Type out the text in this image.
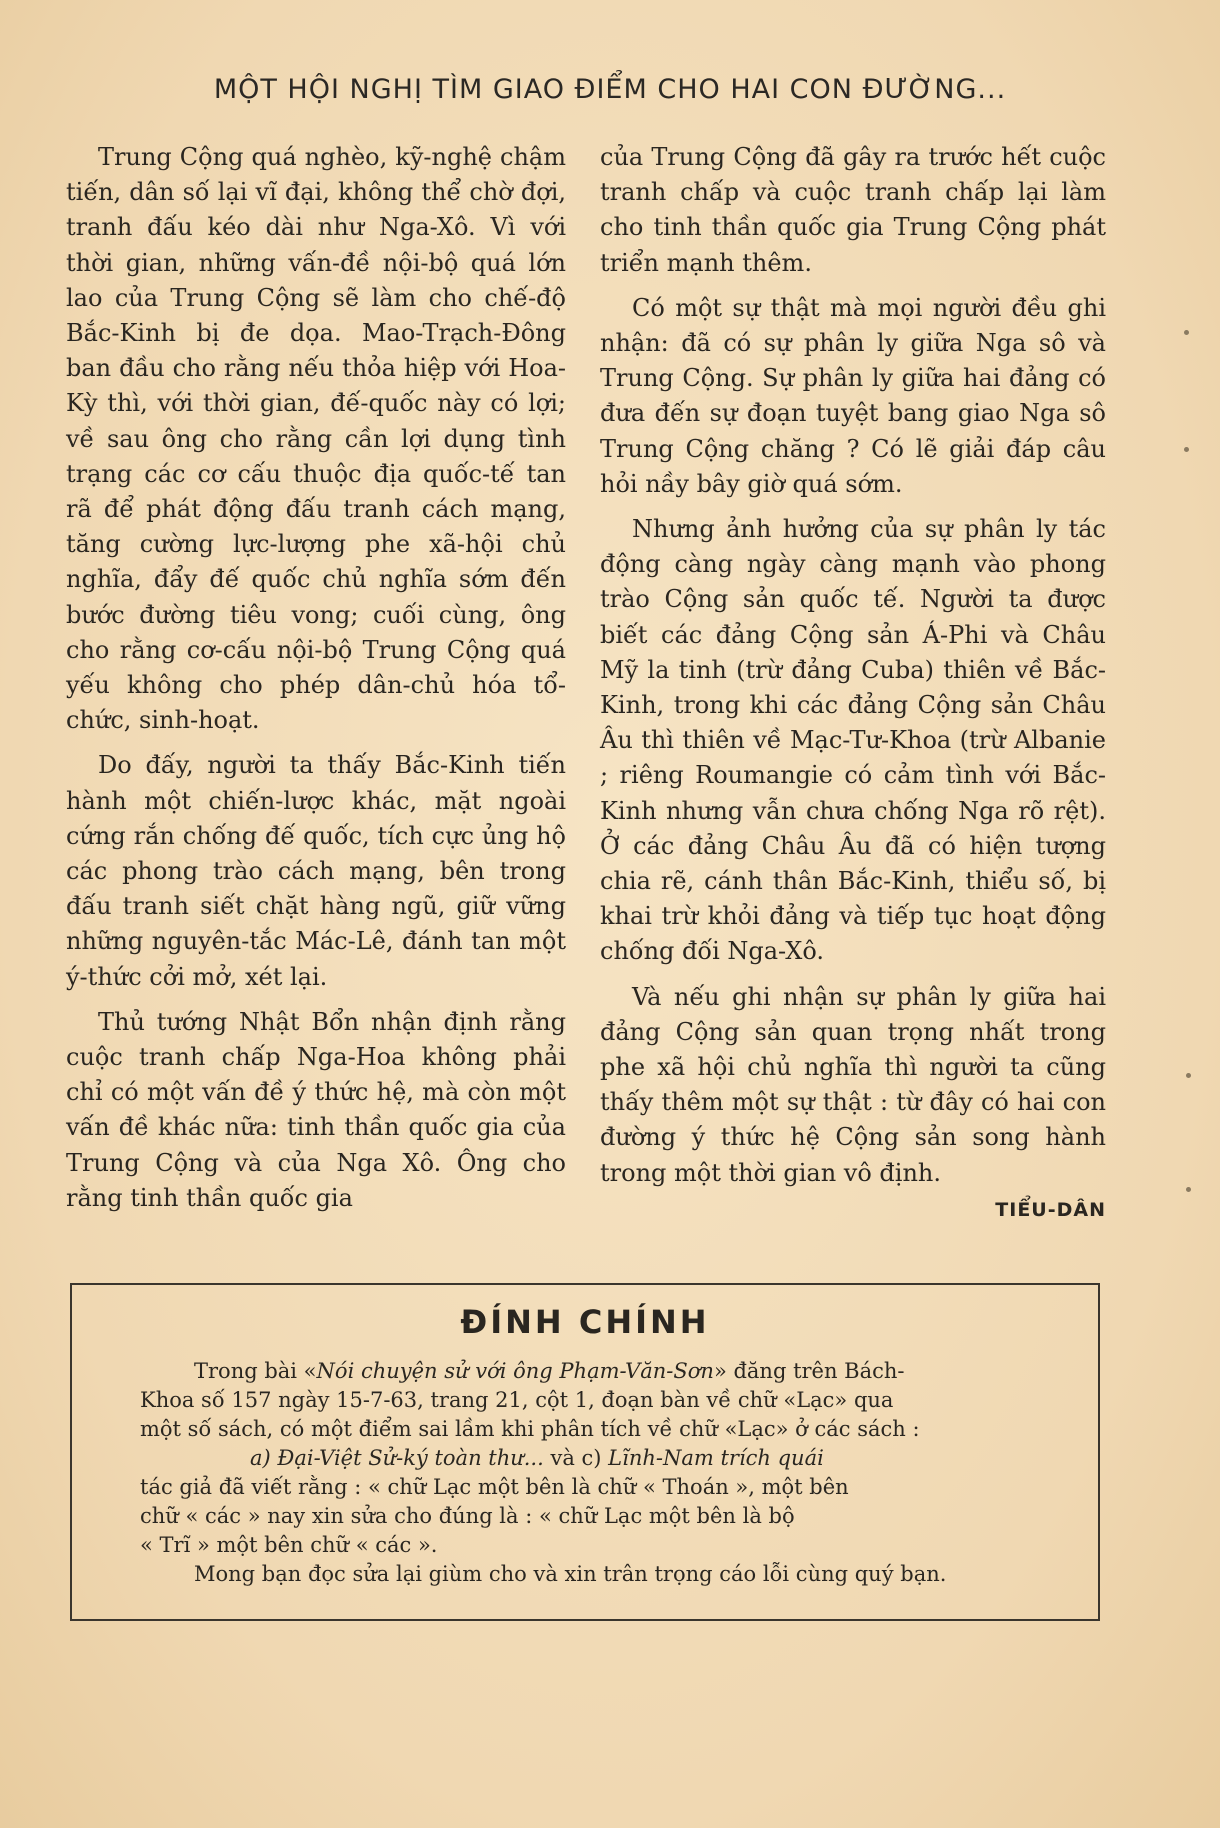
MỘT HỘI NGHỊ TÌM GIAO ĐIỂM CHO HAI CON ĐƯỜNG...

Trung Cộng quá nghèo, kỹ-nghệ chậm tiến, dân số lại vĩ đại, không thể chờ đợi, tranh đấu kéo dài như Nga-Xô. Vì với thời gian, những vấn-đề nội-bộ quá lớn lao của Trung Cộng sẽ làm cho chế-độ Bắc-Kinh bị đe dọa. Mao-Trạch-Đông ban đầu cho rằng nếu thỏa hiệp với Hoa-Kỳ thì, với thời gian, đế-quốc này có lợi; về sau ông cho rằng cần lợi dụng tình trạng các cơ cấu thuộc địa quốc-tế tan rã để phát động đấu tranh cách mạng, tăng cường lực-lượng phe xã-hội chủ nghĩa, đẩy đế quốc chủ nghĩa sớm đến bước đường tiêu vong; cuối cùng, ông cho rằng cơ-cấu nội-bộ Trung Cộng quá yếu không cho phép dân-chủ hóa tổ-chức, sinh-hoạt.

Do đấy, người ta thấy Bắc-Kinh tiến hành một chiến-lược khác, mặt ngoài cứng rắn chống đế quốc, tích cực ủng hộ các phong trào cách mạng, bên trong đấu tranh siết chặt hàng ngũ, giữ vững những nguyên-tắc Mác-Lê, đánh tan một ý-thức cởi mở, xét lại.

Thủ tướng Nhật Bổn nhận định rằng cuộc tranh chấp Nga-Hoa không phải chỉ có một vấn đề ý thức hệ, mà còn một vấn đề khác nữa: tinh thần quốc gia của Trung Cộng và của Nga Xô. Ông cho rằng tinh thần quốc gia

của Trung Cộng đã gây ra trước hết cuộc tranh chấp và cuộc tranh chấp lại làm cho tinh thần quốc gia Trung Cộng phát triển mạnh thêm.

Có một sự thật mà mọi người đều ghi nhận: đã có sự phân ly giữa Nga sô và Trung Cộng. Sự phân ly giữa hai đảng có đưa đến sự đoạn tuyệt bang giao Nga sô Trung Cộng chăng ? Có lẽ giải đáp câu hỏi nầy bây giờ quá sớm.

Nhưng ảnh hưởng của sự phân ly tác động càng ngày càng mạnh vào phong trào Cộng sản quốc tế. Người ta được biết các đảng Cộng sản Á-Phi và Châu Mỹ la tinh (trừ đảng Cuba) thiên về Bắc-Kinh, trong khi các đảng Cộng sản Châu Âu thì thiên về Mạc-Tư-Khoa (trừ Albanie ; riêng Roumangie có cảm tình với Bắc-Kinh nhưng vẫn chưa chống Nga rõ rệt). Ở các đảng Châu Âu đã có hiện tượng chia rẽ, cánh thân Bắc-Kinh, thiểu số, bị khai trừ khỏi đảng và tiếp tục hoạt động chống đối Nga-Xô.

Và nếu ghi nhận sự phân ly giữa hai đảng Cộng sản quan trọng nhất trong phe xã hội chủ nghĩa thì người ta cũng thấy thêm một sự thật : từ đây có hai con đường ý thức hệ Cộng sản song hành trong một thời gian vô định.

TIỂU-DÂN
ĐÍNH CHÍNH
Trong bài «Nói chuyện sử với ông Phạm-Văn-Sơn» đăng trên Bách-
Khoa số 157 ngày 15-7-63, trang 21, cột 1, đoạn bàn về chữ «Lạc» qua
một số sách, có một điểm sai lầm khi phân tích về chữ «Lạc» ở các sách :
a) Đại-Việt Sử-ký toàn thư... và c) Lĩnh-Nam trích quái
tác giả đã viết rằng : « chữ Lạc một bên là chữ « Thoán », một bên
chữ « các » nay xin sửa cho đúng là : « chữ Lạc một bên là bộ
« Trĩ » một bên chữ « các ».
Mong bạn đọc sửa lại giùm cho và xin trân trọng cáo lỗi cùng quý bạn.
